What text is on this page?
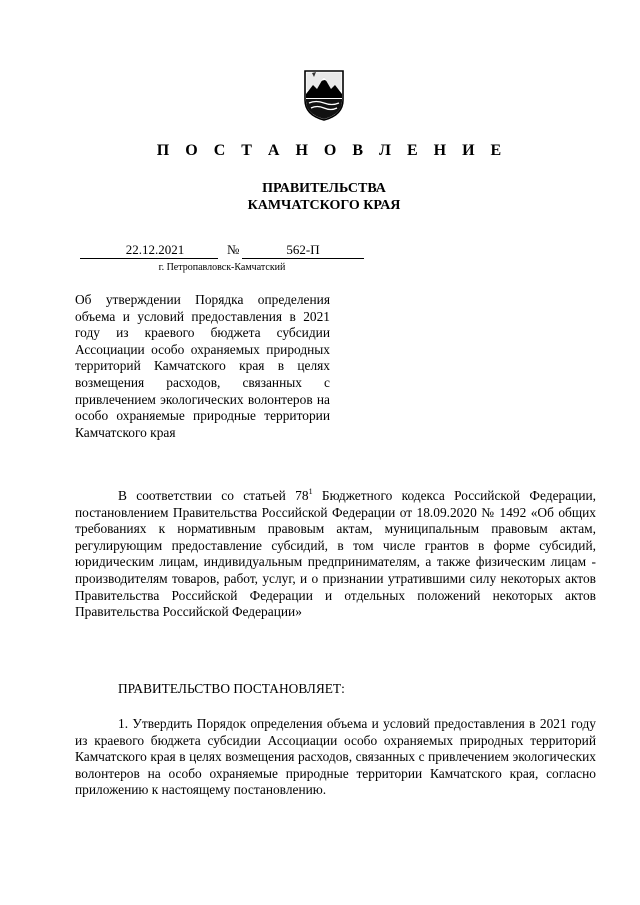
П О С Т А Н О В Л Е Н И Е
ПРАВИТЕЛЬСТВА
КАМЧАТСКОГО КРАЯ
22.12.2021	№	562-П
г. Петропавловск-Камчатский
Об утверждении Порядка определения объема и условий предоставления в 2021 году из краевого бюджета субсидии Ассоциации особо охраняемых природных территорий Камчатского края в целях возмещения расходов, связанных с привлечением экологических волонтеров на особо охраняемые природные территории Камчатского края
В соответствии со статьей $78^1$ Бюджетного кодекса Российской Федерации, постановлением Правительства Российской Федерации от 18.09.2020 № 1492 «Об общих требованиях к нормативным правовым актам, муниципальным правовым актам, регулирующим предоставление субсидий, в том числе грантов в форме субсидий, юридическим лицам, индивидуальным предпринимателям, а также физическим лицам - производителям товаров, работ, услуг, и о признании утратившими силу некоторых актов Правительства Российской Федерации и отдельных положений некоторых актов Правительства Российской Федерации»
ПРАВИТЕЛЬСТВО ПОСТАНОВЛЯЕТ:
1. Утвердить Порядок определения объема и условий предоставления в 2021 году из краевого бюджета субсидии Ассоциации особо охраняемых природных территорий Камчатского края в целях возмещения расходов, связанных с привлечением экологических волонтеров на особо охраняемые природные территории Камчатского края, согласно приложению к настоящему постановлению.
